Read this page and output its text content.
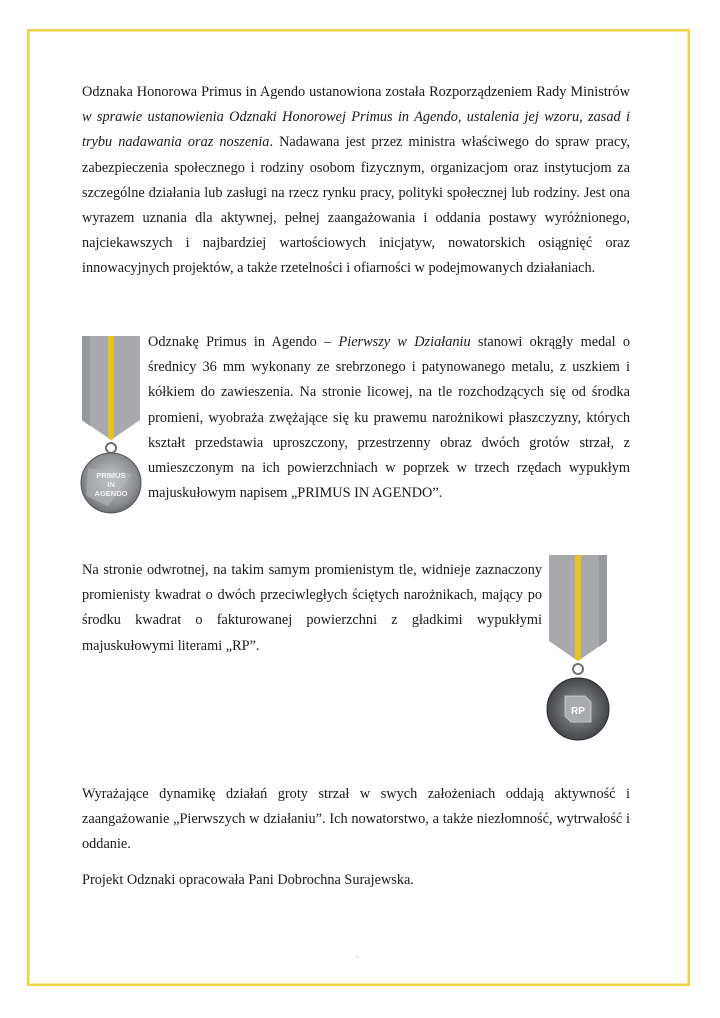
Odznaka Honorowa Primus in Agendo ustanowiona została Rozporządzeniem Rady Ministrów w sprawie ustanowienia Odznaki Honorowej Primus in Agendo, ustalenia jej wzoru, zasad i trybu nadawania oraz noszenia. Nadawana jest przez ministra właściwego do spraw pracy, zabezpieczenia społecznego i rodziny osobom fizycznym, organizacjom oraz instytucjom za szczególne działania lub zasługi na rzecz rynku pracy, polityki społecznej lub rodziny. Jest ona wyrazem uznania dla aktywnej, pełnej zaangażowania i oddania postawy wyróżnionego, najciekawszych i najbardziej wartościowych inicjatyw, nowatorskich osiągnięć oraz innowacyjnych projektów, a także rzetelności i ofiarności w podejmowanych działaniach.

PRIMUS
IN
AGENDO

Odznakę Primus in Agendo – Pierwszy w Działaniu stanowi okrągły medal o średnicy 36 mm wykonany ze srebrzonego i patynowanego metalu, z uszkiem i kółkiem do zawieszenia. Na stronie licowej, na tle rozchodzących się od środka promieni, wyobraża zwężające się ku prawemu narożnikowi płaszczyzny, których kształt przedstawia uproszczony, przestrzenny obraz dwóch grotów strzał, z umieszczonym na ich powierzchniach w poprzek w trzech rzędach wypukłym majuskułowym napisem „PRIMUS IN AGENDO”.

Na stronie odwrotnej, na takim samym promienistym tle, widnieje zaznaczony promienisty kwadrat o dwóch przeciwległych ściętych narożnikach, mający po środku kwadrat o fakturowanej powierzchni z gładkimi wypukłymi majuskułowymi literami „RP”.

RP

Wyrażające dynamikę działań groty strzał w swych założeniach oddają aktywność i zaangażowanie „Pierwszych w działaniu”. Ich nowatorstwo, a także niezłomność, wytrwałość i oddanie.

Projekt Odznaki opracowała Pani Dobrochna Surajewska.
